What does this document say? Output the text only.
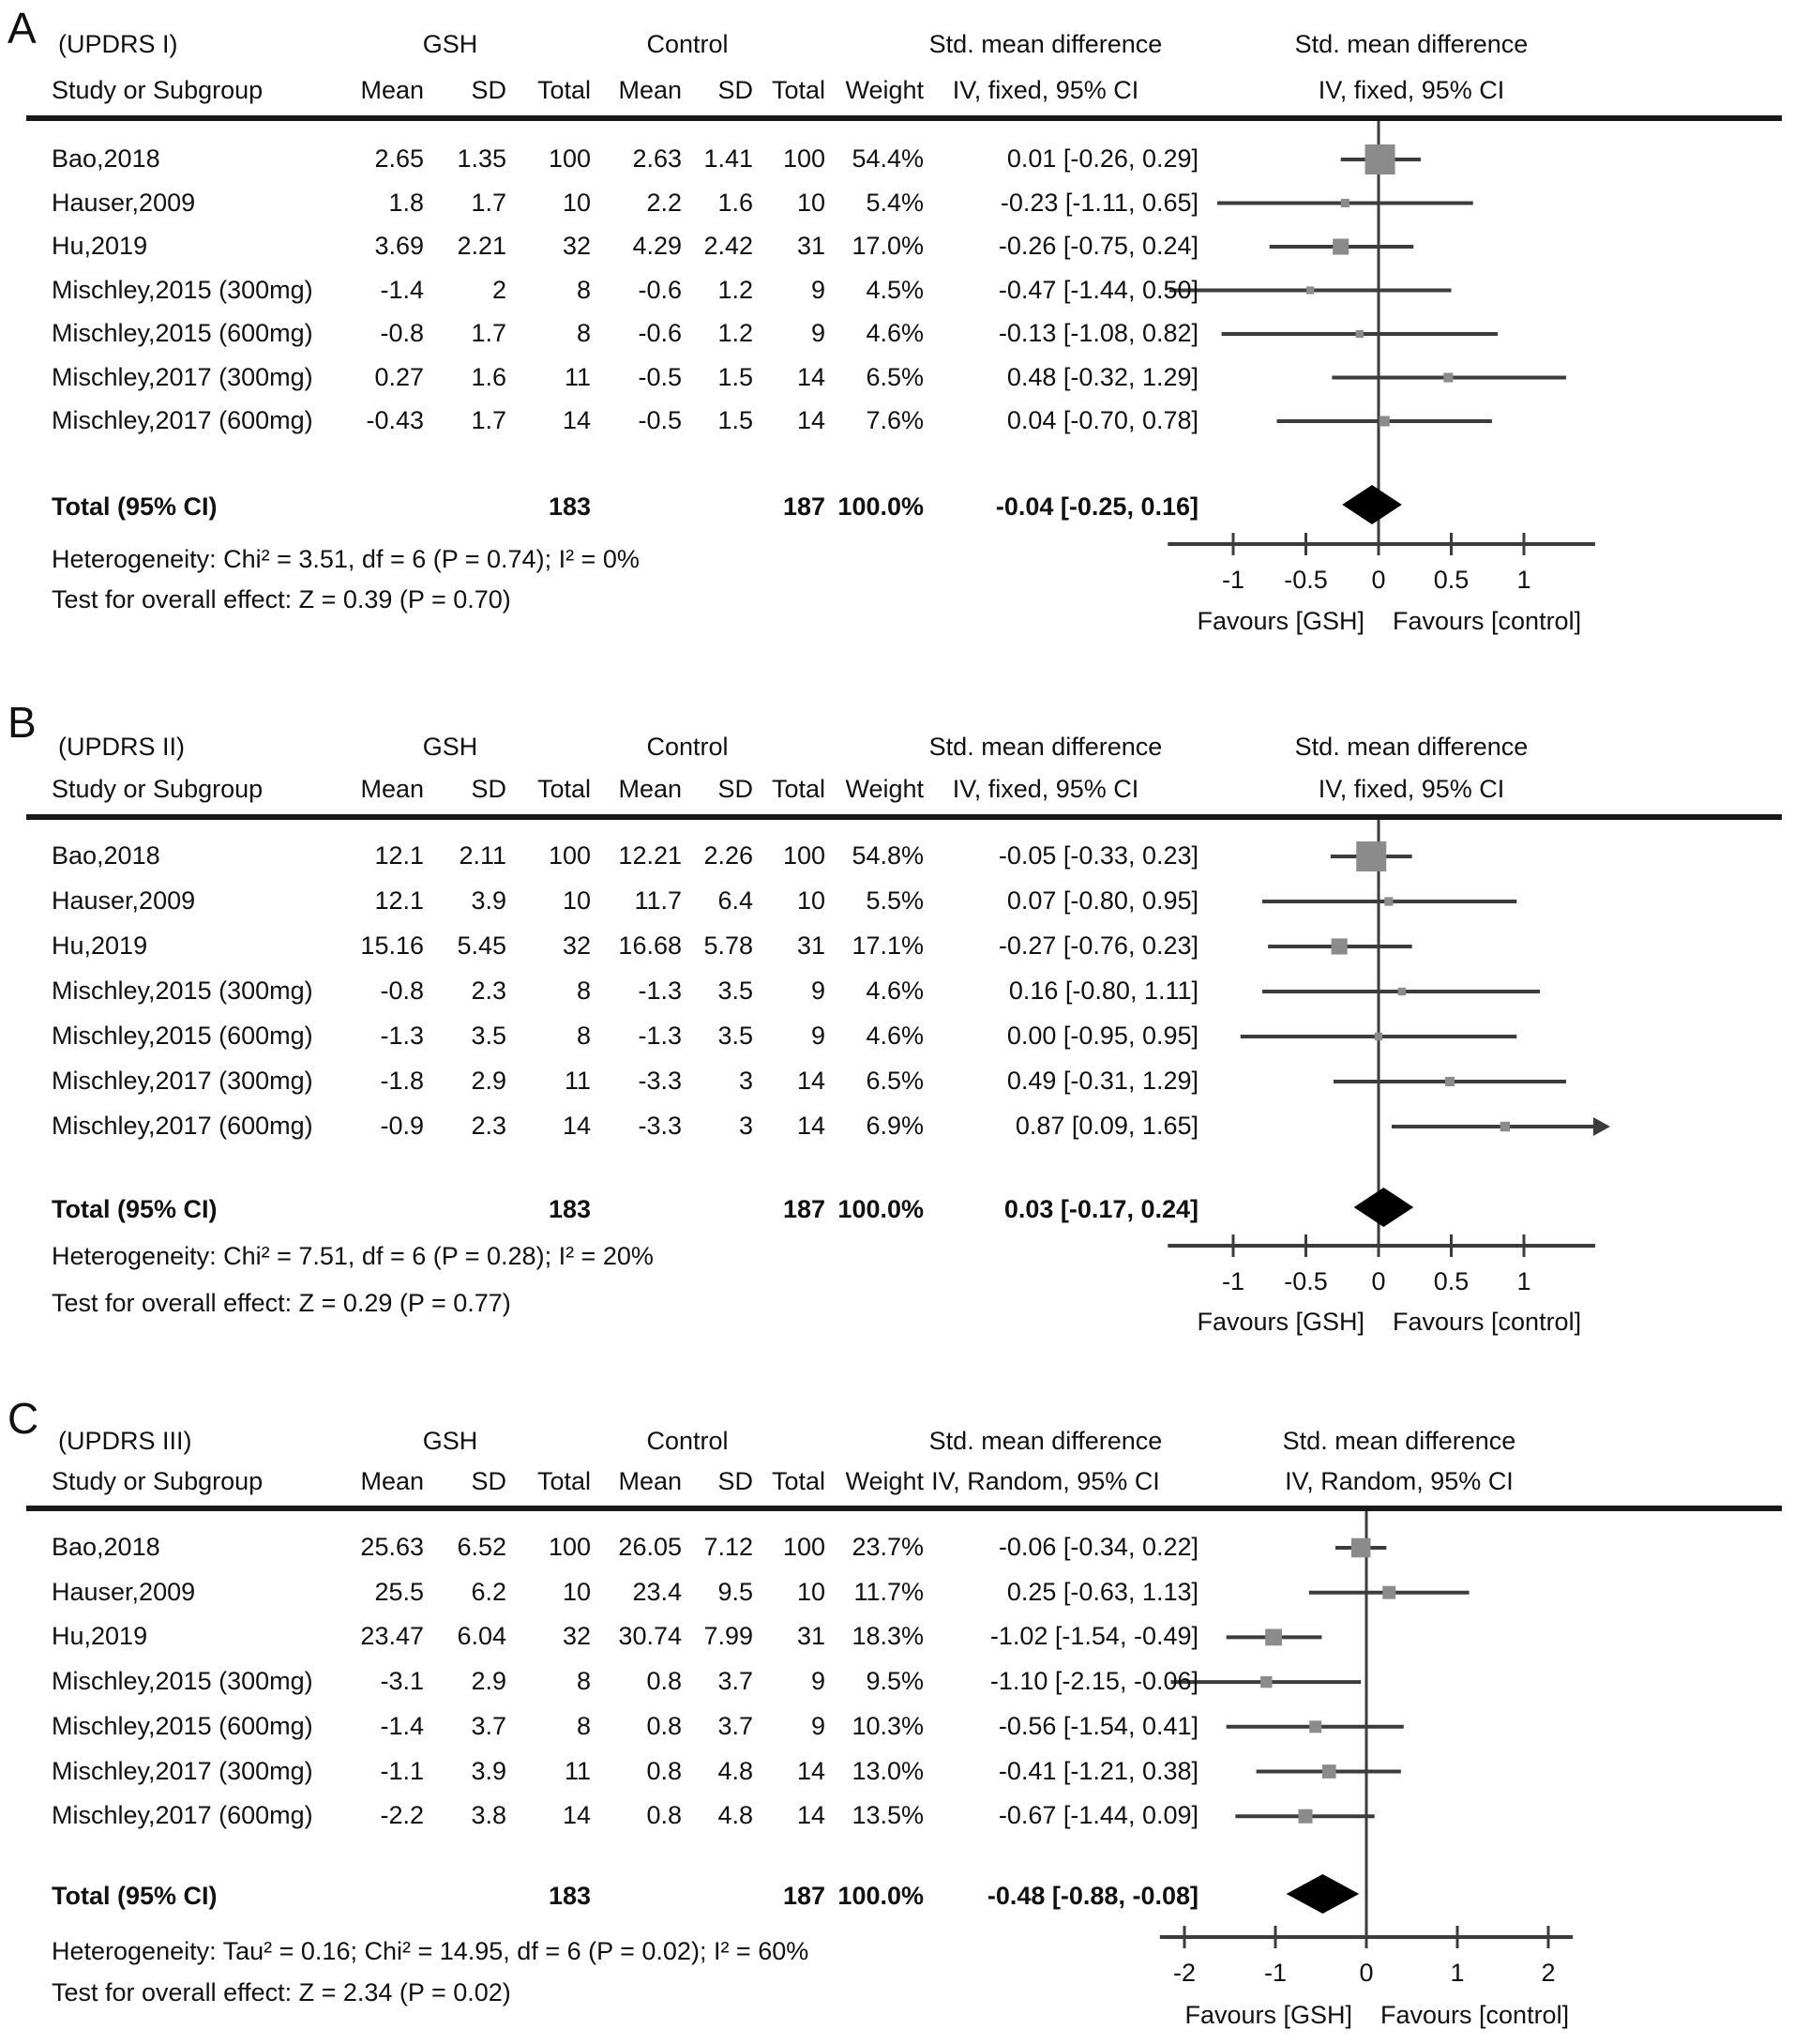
-1 -0.5 0 0.5 1
Favours [GSH] Favours [control]
-1 -0.5 0 0.5 1
Favours [GSH] Favours [control]
-2	-1	0	1	2
Favours [GSH] Favours [control]
A (UPDRS I)	GSH	Control	Std. mean difference	Std. mean difference
Study or Subgroup	Mean SD Total Mean SD Total Weight IV, fixed, 95% CI	IV, fixed, 95% CI
Bao,2018	2.65 1.35 100 2.63 1.41 100 54.4%	0.01 [-0.26, 0.29]
Hauser,2009	1.8 1.7 10 2.2 1.6 10 5.4%	-0.23 [-1.11, 0.65]
Hu,2019	3.69 2.21 32 4.29 2.42 31 17.0%	-0.26 [-0.75, 0.24]
Mischley,2015 (300mg)	-1.4	2	8 -0.6 1.2 9 4.5%	-0.47 [-1.44, 0.50]
Mischley,2015 (600mg)	-0.8 1.7	8 -0.6 1.2 9 4.6%	-0.13 [-1.08, 0.82]
Mischley,2017 (300mg) 0.27 1.6 11 -0.5 1.5 14 6.5%	0.48 [-0.32, 1.29]
Mischley,2017 (600mg) -0.43 1.7 14 -0.5 1.5 14 7.6%	0.04 [-0.70, 0.78]
Total (95% CI)	183	187 100.0%	-0.04 [-0.25, 0.16]
Heterogeneity: Chi² = 3.51, df = 6 (P = 0.74); I² = 0%
Test for overall effect: Z = 0.39 (P = 0.70)
B (UPDRS II)	GSH	Control	Std. mean difference	Std. mean difference
Study or Subgroup	Mean SD Total Mean SD Total Weight IV, fixed, 95% CI	IV, fixed, 95% CI
Bao,2018	12.1 2.11 100 12.21 2.26 100 54.8%	-0.05 [-0.33, 0.23]
Hauser,2009	12.1 3.9 10 11.7 6.4 10 5.5%	0.07 [-0.80, 0.95]
Hu,2019	15.16 5.45 32 16.68 5.78 31 17.1%	-0.27 [-0.76, 0.23]
Mischley,2015 (300mg)	-0.8 2.3	8 -1.3 3.5 9 4.6%	0.16 [-0.80, 1.11]
Mischley,2015 (600mg)	-1.3 3.5	8 -1.3 3.5 9 4.6%	0.00 [-0.95, 0.95]
Mischley,2017 (300mg)	-1.8 2.9 11 -3.3 3 14 6.5%	0.49 [-0.31, 1.29]
Mischley,2017 (600mg)	-0.9 2.3 14 -3.3 3 14 6.9%	0.87 [0.09, 1.65]
Total (95% CI)	183	187 100.0%	0.03 [-0.17, 0.24]
Heterogeneity: Chi² = 7.51, df = 6 (P = 0.28); I² = 20%
Test for overall effect: Z = 0.29 (P = 0.77)
C (UPDRS III)	GSH	Control	Std. mean difference	Std. mean difference
Study or Subgroup	Mean SD Total Mean SD Total Weight IV, Random, 95% CI	IV, Random, 95% CI
Bao,2018	25.63 6.52 100 26.05 7.12 100 23.7%	-0.06 [-0.34, 0.22]
Hauser,2009	25.5 6.2 10 23.4 9.5 10 11.7%	0.25 [-0.63, 1.13]
Hu,2019	23.47 6.04 32 30.74 7.99 31 18.3%	-1.02 [-1.54, -0.49]
Mischley,2015 (300mg)	-3.1 2.9	8 0.8 3.7 9 9.5%	-1.10 [-2.15, -0.06]
Mischley,2015 (600mg)	-1.4 3.7	8 0.8 3.7 9 10.3%	-0.56 [-1.54, 0.41]
Mischley,2017 (300mg)	-1.1 3.9 11 0.8 4.8 14 13.0%	-0.41 [-1.21, 0.38]
Mischley,2017 (600mg)	-2.2 3.8 14 0.8 4.8 14 13.5%	-0.67 [-1.44, 0.09]
Total (95% CI)	183	187 100.0%	-0.48 [-0.88, -0.08]
Heterogeneity: Tau² = 0.16; Chi² = 14.95, df = 6 (P = 0.02); I² = 60%
Test for overall effect: Z = 2.34 (P = 0.02)
